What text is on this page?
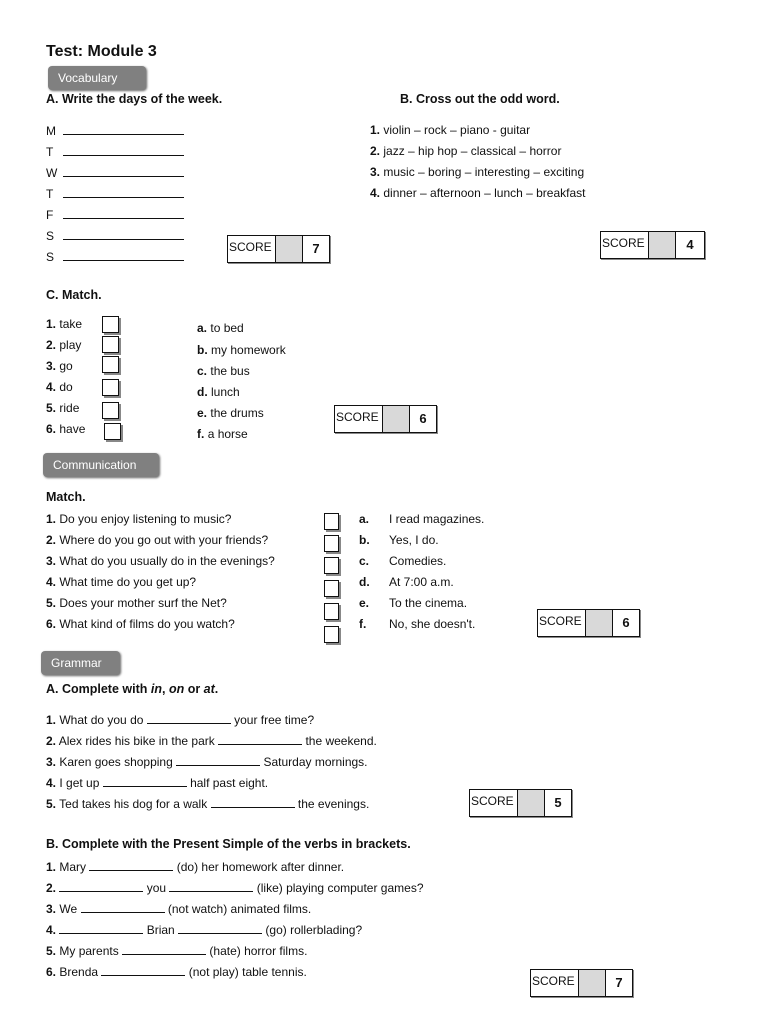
Test: Module 3
Vocabulary
A. Write the days of the week.
M
T
W
T
F
S
S
SCORE	7
B. Cross out the odd word.
1. violin – rock – piano - guitar
2. jazz – hip hop – classical – horror
3. music – boring – interesting – exciting
4. dinner – afternoon – lunch – breakfast
SCORE	4
C. Match.
1. take
2. play
3. go
4. do
5. ride
6. have
a. to bed
b. my homework
c. the bus
d. lunch
e. the drums
f. a horse
SCORE	6
Communication
Match.
1. Do you enjoy listening to music?
2. Where do you go out with your friends?
3. What do you usually do in the evenings?
4. What time do you get up?
5. Does your mother surf the Net?
6. What kind of films do you watch?
a. I read magazines.
b. Yes, I do.
c. Comedies.
d. At 7:00 a.m.
e. To the cinema.
f. No, she doesn't.	SCORE	6
Grammar
A. Complete with in, on or at.
1. What do you do	your free time?
2. Alex rides his bike in the park	the weekend.
3. Karen goes shopping	Saturday mornings.
4. I get up	half past eight.
5. Ted takes his dog for a walk	the evenings.	SCORE	5
B. Complete with the Present Simple of the verbs in brackets.
1. Mary	(do) her homework after dinner.
2.	you	(like) playing computer games?
3. We	(not watch) animated films.
4.	Brian	(go) rollerblading?
5. My parents	(hate) horror films.
6. Brenda	(not play) table tennis.
SCORE	7
